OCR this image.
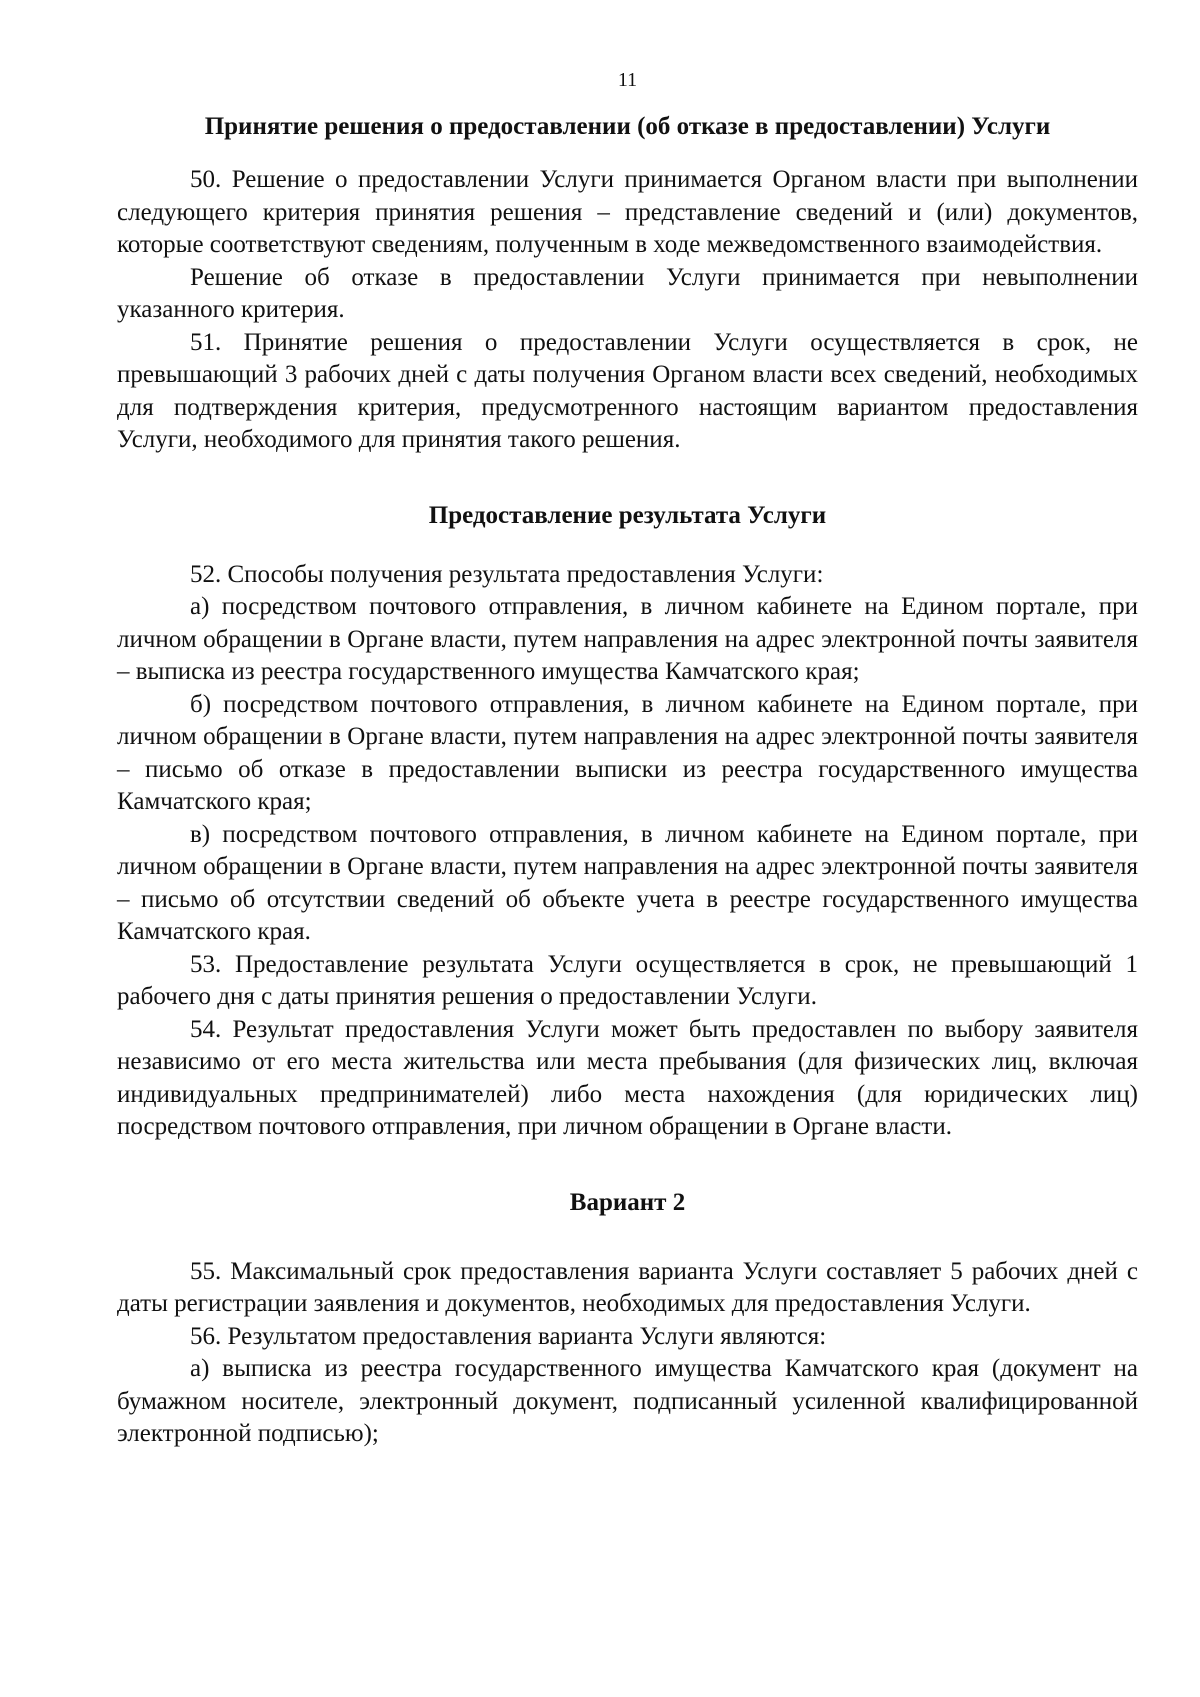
11
Принятие решения о предоставлении (об отказе в предоставлении) Услуги

50. Решение о предоставлении Услуги принимается Органом власти при выполнении следующего критерия принятия решения – представление сведений и (или) документов, которые соответствуют сведениям, полученным в ходе межведомственного взаимодействия.

Решение об отказе в предоставлении Услуги принимается при невыполнении указанного критерия.

51. Принятие решения о предоставлении Услуги осуществляется в срок, не превышающий 3 рабочих дней с даты получения Органом власти всех сведений, необходимых для подтверждения критерия, предусмотренного настоящим вариантом предоставления Услуги, необходимого для принятия такого решения.

Предоставление результата Услуги

52. Способы получения результата предоставления Услуги:

а) посредством почтового отправления, в личном кабинете на Едином портале, при личном обращении в Органе власти, путем направления на адрес электронной почты заявителя – выписка из реестра государственного имущества Камчатского края;

б) посредством почтового отправления, в личном кабинете на Едином портале, при личном обращении в Органе власти, путем направления на адрес электронной почты заявителя – письмо об отказе в предоставлении выписки из реестра государственного имущества Камчатского края;

в) посредством почтового отправления, в личном кабинете на Едином портале, при личном обращении в Органе власти, путем направления на адрес электронной почты заявителя – письмо об отсутствии сведений об объекте учета в реестре государственного имущества Камчатского края.

53. Предоставление результата Услуги осуществляется в срок, не превышающий 1 рабочего дня с даты принятия решения о предоставлении Услуги.

54. Результат предоставления Услуги может быть предоставлен по выбору заявителя независимо от его места жительства или места пребывания (для физических лиц, включая индивидуальных предпринимателей) либо места нахождения (для юридических лиц) посредством почтового отправления, при личном обращении в Органе власти.

Вариант 2

55. Максимальный срок предоставления варианта Услуги составляет 5 рабочих дней с даты регистрации заявления и документов, необходимых для предоставления Услуги.

56. Результатом предоставления варианта Услуги являются:

а) выписка из реестра государственного имущества Камчатского края (документ на бумажном носителе, электронный документ, подписанный усиленной квалифицированной электронной подписью);
